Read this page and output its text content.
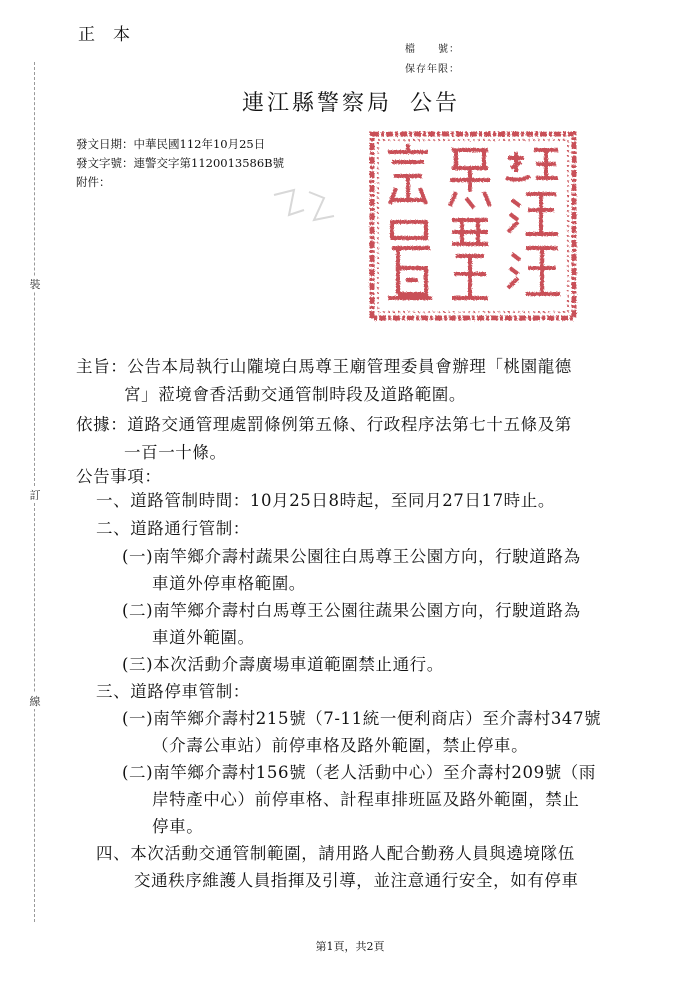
正本
檔　　號：
保存年限：
連江縣警察局 公告
發文日期：中華民國112年10月25日
發文字號：連警交字第1120013586B號
附件：
裝
訂
線
連江縣警察局
主旨：公告本局執行山隴境白馬尊王廟管理委員會辦理「桃園龍德
宮」蒞境會香活動交通管制時段及道路範圍。
依據：道路交通管理處罰條例第五條、行政程序法第七十五條及第
一百一十條。
公告事項：
一、道路管制時間：10月25日8時起，至同月27日17時止。
二、道路通行管制：
(一)南竿鄉介壽村蔬果公園往白馬尊王公園方向，行駛道路為
車道外停車格範圍。
(二)南竿鄉介壽村白馬尊王公園往蔬果公園方向，行駛道路為
車道外範圍。
(三)本次活動介壽廣場車道範圍禁止通行。
三、道路停車管制：
(一)南竿鄉介壽村215號（7-11統一便利商店）至介壽村347號
（介壽公車站）前停車格及路外範圍，禁止停車。
(二)南竿鄉介壽村156號（老人活動中心）至介壽村209號（雨
岸特產中心）前停車格、計程車排班區及路外範圍，禁止
停車。
四、本次活動交通管制範圍，請用路人配合勤務人員與遶境隊伍
交通秩序維護人員指揮及引導，並注意通行安全，如有停車
第1頁，共2頁
